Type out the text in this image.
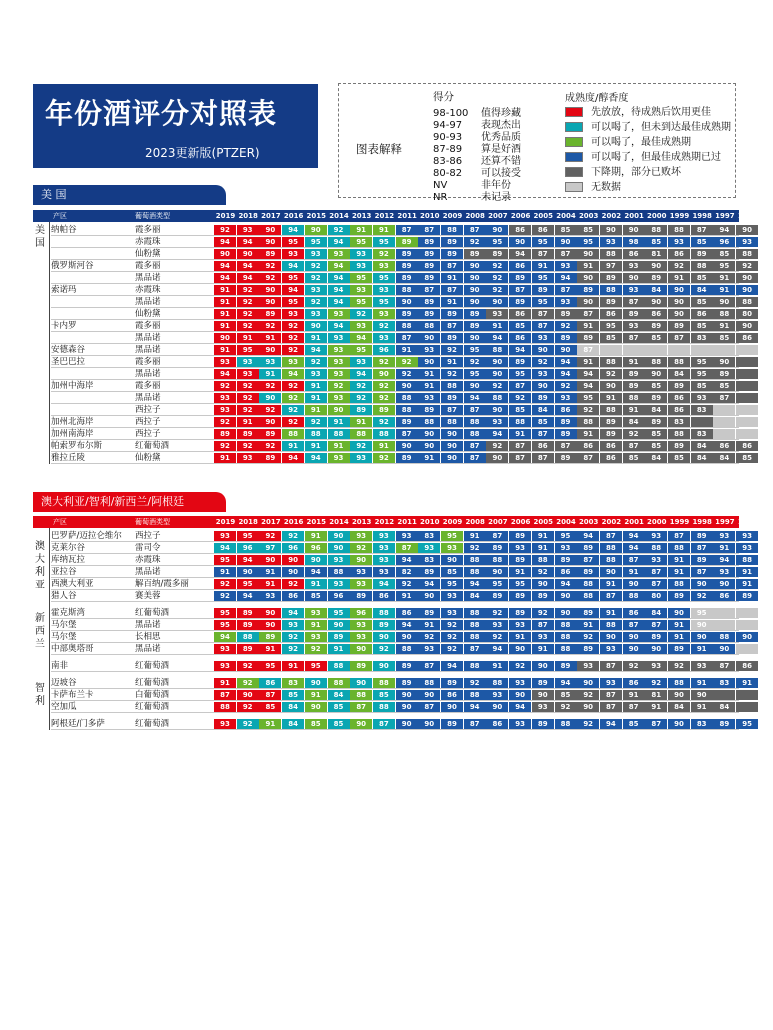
年份酒评分对照表
2023更新版(PTZER)	图表解释
得分
98-100 值得珍藏
94-97 表现杰出
90-93 优秀品质
87-89 算是好酒
83-86 还算不错
80-82 可以接受
NV	非年份
NR	未记录
成熟度/醇香度
先放放，待成熟后饮用更佳
可以喝了，但未到达最佳成熟期
可以喝了，最佳成熟期
可以喝了，但最佳成熟期已过
下降期，部分已败坏
无数据
美 国
产区	葡萄酒类型	2019 2018 2017 2016 2015 2014 2013 2012 2011 2010 2009 2008 2007 2006 2005 2004 2003 2002 2001 2000 1999 1998 1997 1996
纳帕谷	霞多丽	92	93	90	94	90	92	91	91	87	87	88	87	90	86	86	85	85	90	90	88	88	87	94	90
赤霞珠	94	94	90	95	95	94	95	95	89	89	89	92	95	90	95	90	95	93	98	85	93	85	96	93
仙粉黛	90	90	89	93	93	93	93	92	89	89	89	89	89	94	87	87	90	88	86	81	86	89	85	88
俄罗斯河谷	霞多丽	94	94	92	94	92	94	93	93	89	89	87	90	92	86	91	93	91	97	93	90	92	88	95	92
黑品诺	94	94	92	95	92	94	95	95	89	89	91	90	92	89	95	94	90	89	90	89	91	85	91	90
索诺玛	赤霞珠	91	92	90	94	93	94	93	93	88	87	87	90	92	87	89	87	89	88	93	84	90	84	91	90
黑品诺	91	92	90	95	92	94	95	95	90	89	91	90	90	89	95	93	90	89	87	90	90	85	90	88
仙粉黛	91	92	89	93	93	93	92	93	89	89	89	89	93	86	87	89	87	86	89	86	90	86	88	80
卡内罗	霞多丽	91	92	92	92	90	94	93	92	88	88	87	89	91	85	87	92	91	95	93	89	89	85	91	90
黑品诺	90	91	91	92	91	93	94	93	87	90	89	90	94	86	93	89	89	85	87	85	87	83	85	86
安德森谷	黑品诺	91	95	90	92	94	93	95	96	91	93	92	95	88	94	90	90	87
圣巴巴拉	霞多丽	93	93	93	93	92	93	93	92	92	90	91	92	90	89	92	94	91	88	91	88	88	95	90
黑品诺	94	93	91	94	93	93	94	90	92	91	92	95	90	95	93	94	94	92	89	90	84	95	89
加州中海岸	霞多丽	92	92	92	92	91	92	92	92	90	91	88	90	92	87	90	92	94	90	89	85	89	85	85
黑品诺	93	92	90	92	91	93	92	92	88	93	89	94	88	92	89	93	95	91	88	89	86	93	87
西拉子	93	92	92	92	91	90	89	89	88	89	87	87	90	85	84	86	92	88	91	84	86	83
加州北海岸	西拉子	92	91	90	92	92	91	91	92	89	88	88	88	93	88	85	89	88	89	84	89	83
加州南海岸	西拉子	89	89	89	88	88	88	88	88	87	90	90	88	94	91	87	89	91	89	92	85	88	83
帕索罗布尔斯	红葡萄酒	92	92	92	91	91	91	92	91	90	90	90	87	92	87	86	87	86	86	87	85	89	84	86	86
雅拉丘陵	仙粉黛	91	93	89	94	94	93	93	92	89	91	90	87	90	87	87	89	87	86	85	84	85	84	84	85
美
国
澳大利亚/智利/新西兰/阿根廷
产区	葡萄酒类型	2019 2018 2017 2016 2015 2014 2013 2012 2011 2010 2009 2008 2007 2006 2005 2004 2003 2002 2001 2000 1999 1998 1997 1996
巴罗萨/迈拉仑维尔 西拉子	93	95	92	92	91	90	93	93	93	83	95	91	87	89	91	95	94	87	94	93	87	89	93	93
克莱尔谷	雷司令	94	96	97	96	96	90	92	93	87	93	93	92	89	93	91	93	89	88	94	88	88	87	91	93
库纳瓦拉	赤霞珠	95	94	90	90	90	93	90	93	94	83	90	88	88	89	88	89	87	88	87	93	91	89	94	88
亚拉谷	黑品诺	91	90	91	90	94	88	93	93	82	89	85	88	90	91	92	86	89	90	91	87	91	87	93	91
西澳大利亚	解百纳/霞多丽	92	95	91	92	91	93	93	94	92	94	95	94	95	95	90	94	88	91	90	87	88	90	90	91
猎人谷	赛美蓉	92	94	93	86	85	96	89	86	91	90	93	84	89	89	89	90	88	87	88	80	89	92	86	89
霍克斯湾	红葡萄酒	95	89	90	94	93	95	96	88	86	89	93	88	92	89	92	90	89	91	86	84	90	95
马尔堡	黑品诺	95	89	90	93	91	90	93	89	94	91	92	88	93	93	87	88	91	88	87	87	91	90
马尔堡	长相思	94	88	89	92	93	89	93	90	90	92	92	88	92	91	93	88	92	90	90	89	91	90	88	90
中部奥塔哥	黑品诺	93	89	91	92	92	91	90	92	88	93	92	87	94	90	91	88	89	93	90	90	89	91	90
南非	红葡萄酒	93	92	95	91	95	88	89	90	89	87	94	88	91	92	90	89	93	87	92	93	92	93	87	86
迈坡谷	红葡萄酒	91	92	86	83	90	88	90	88	89	88	89	92	88	93	89	94	90	93	86	92	88	91	83	91
卡萨布兰卡	白葡萄酒	87	90	87	85	91	84	88	85	90	90	86	88	93	90	90	85	92	87	91	81	90	90
空加瓜	红葡萄酒	88	92	85	84	90	85	87	88	90	87	90	94	90	94	93	92	90	87	87	91	84	91	84
阿根廷/门多萨	红葡萄酒	93	92	91	84	85	85	90	87	90	90	89	87	86	93	89	88	92	94	85	87	90	83	89	95
澳
大
利
亚
新
西
兰
智
利
